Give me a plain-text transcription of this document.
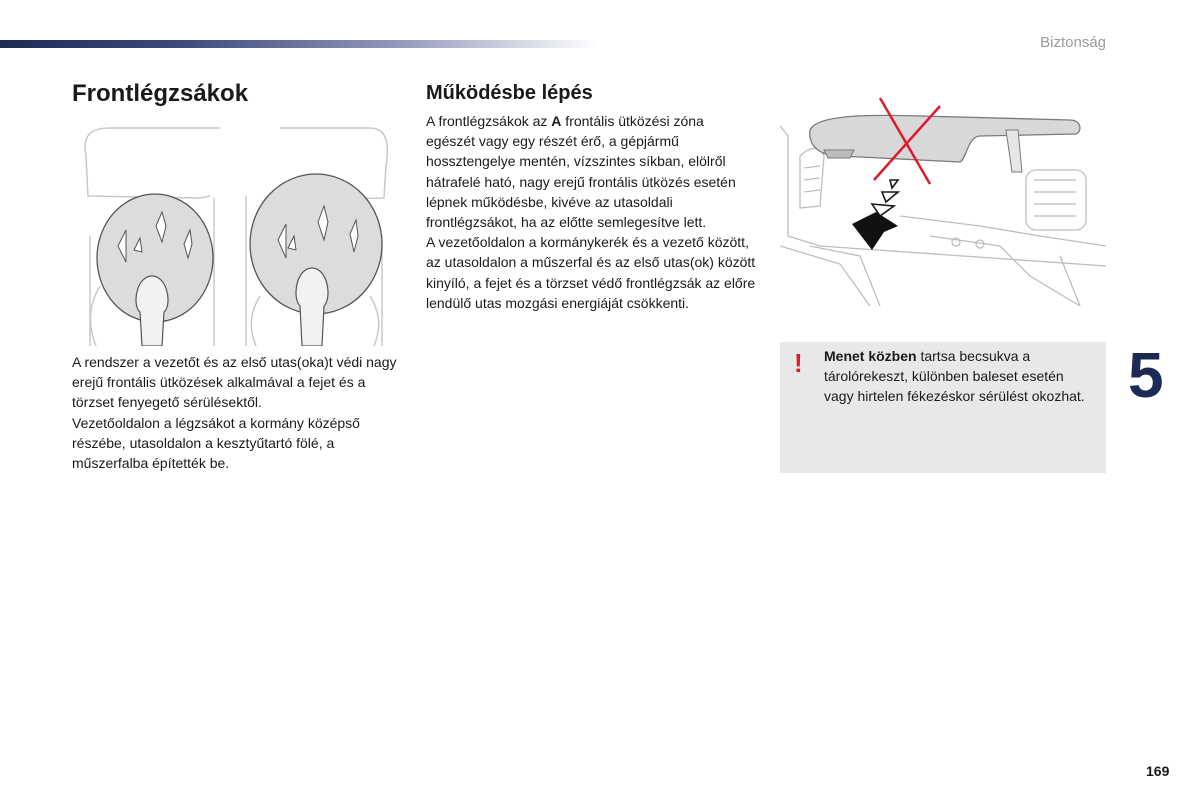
Biztonság
Frontlégzsákok

A rendszer a vezetőt és az első utas(oka)t védi nagy erejű frontális ütközések alkalmával a fejet és a törzset fenyegető sérülésektől.

Vezetőoldalon a légzsákot a kormány középső részébe, utasoldalon a kesztyűtartó fölé, a műszerfalba építették be.

Működésbe lépés

A frontlégzsákok az A frontális ütközési zóna egészét vagy egy részét érő, a gépjármű hossztengelye mentén, vízszintes síkban, elölről hátrafelé ható, nagy erejű frontális ütközés esetén lépnek működésbe, kivéve az utasoldali frontlégzsákot, ha az előtte semlegesítve lett.

A vezetőoldalon a kormánykerék és a vezető között, az utasoldalon a műszerfal és az első utas(ok) között kinyíló, a fejet és a törzset védő frontlégzsák az előre lendülő utas mozgási energiáját csökkenti.

! Menet közben tartsa becsukva a tárolórekeszt, különben baleset esetén vagy hirtelen fékezéskor sérülést okozhat. 5
169
